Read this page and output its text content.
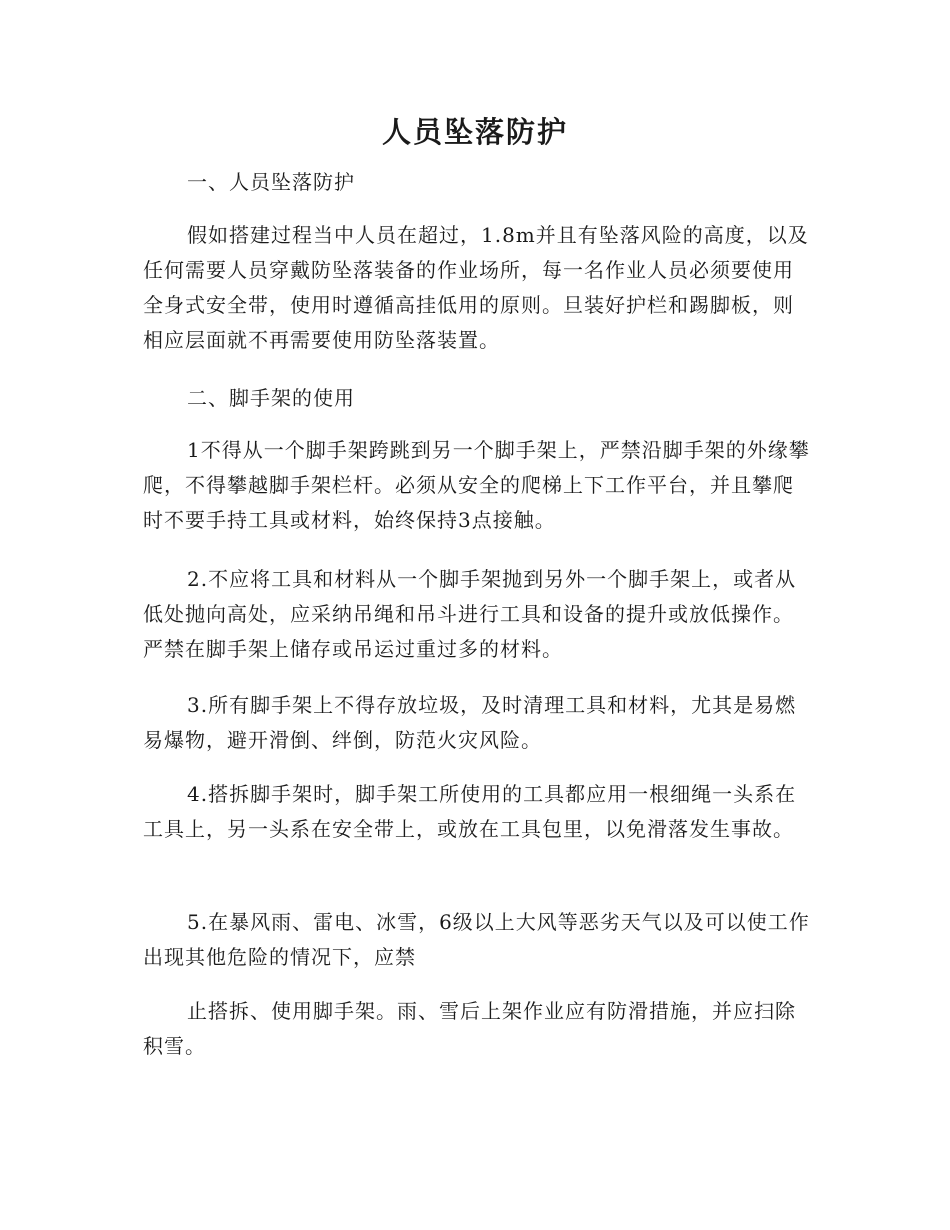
人员坠落防护

一、人员坠落防护

假如搭建过程当中人员在超过，1.8m并且有坠落风险的高度，以及任何需要人员穿戴防坠落装备的作业场所，每一名作业人员必须要使用全身式安全带，使用时遵循高挂低用的原则。旦装好护栏和踢脚板，则相应层面就不再需要使用防坠落装置。

二、脚手架的使用

1不得从一个脚手架跨跳到另一个脚手架上，严禁沿脚手架的外缘攀爬，不得攀越脚手架栏杆。必须从安全的爬梯上下工作平台，并且攀爬时不要手持工具或材料，始终保持3点接触。

2.不应将工具和材料从一个脚手架抛到另外一个脚手架上，或者从低处抛向高处，应采纳吊绳和吊斗进行工具和设备的提升或放低操作。严禁在脚手架上储存或吊运过重过多的材料。

3.所有脚手架上不得存放垃圾，及时清理工具和材料，尤其是易燃易爆物，避开滑倒、绊倒，防范火灾风险。

4.搭拆脚手架时，脚手架工所使用的工具都应用一根细绳一头系在工具上，另一头系在安全带上，或放在工具包里，以免滑落发生事故。

5.在暴风雨、雷电、冰雪，6级以上大风等恶劣天气以及可以使工作出现其他危险的情况下，应禁

止搭拆、使用脚手架。雨、雪后上架作业应有防滑措施，并应扫除积雪。
